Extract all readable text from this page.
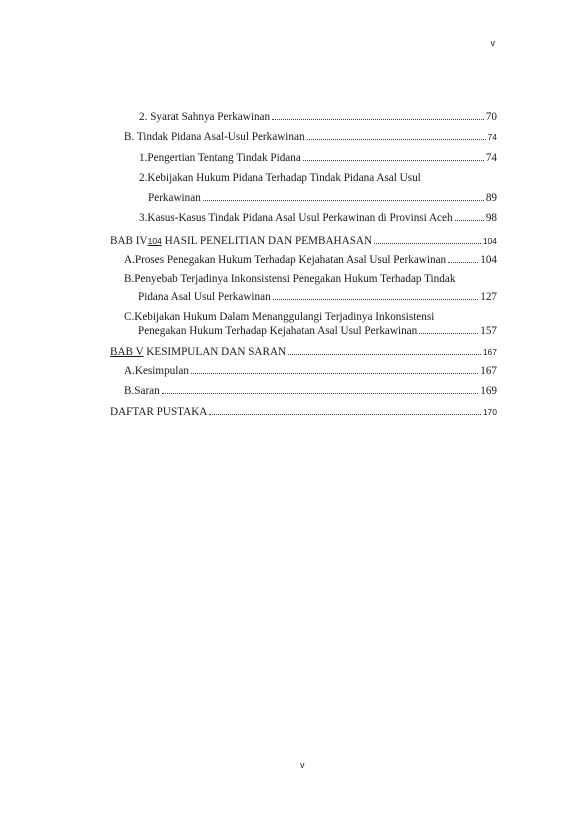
v
2. Syarat Sahnya Perkawinan	70
B. Tindak Pidana Asal-Usul Perkawinan	74
1.Pengertian Tentang Tindak Pidana	74
2.Kebijakan Hukum Pidana Terhadap Tindak Pidana Asal Usul
Perkawinan	89
3.Kasus-Kasus Tindak Pidana Asal Usul Perkawinan di Provinsi Aceh	98
BAB IV104 HASIL PENELITIAN DAN PEMBAHASAN	104
A.Proses Penegakan Hukum Terhadap Kejahatan Asal Usul Perkawinan	104
B.Penyebab Terjadinya Inkonsistensi Penegakan Hukum Terhadap Tindak
Pidana Asal Usul Perkawinan	127
C.Kebijakan Hukum Dalam Menanggulangi Terjadinya Inkonsistensi
Penegakan Hukum Terhadap Kejahatan Asal Usul Perkawinan	157
BAB V KESIMPULAN DAN SARAN	167
A.Kesimpulan	167
B.Saran	169
DAFTAR PUSTAKA	170
v
